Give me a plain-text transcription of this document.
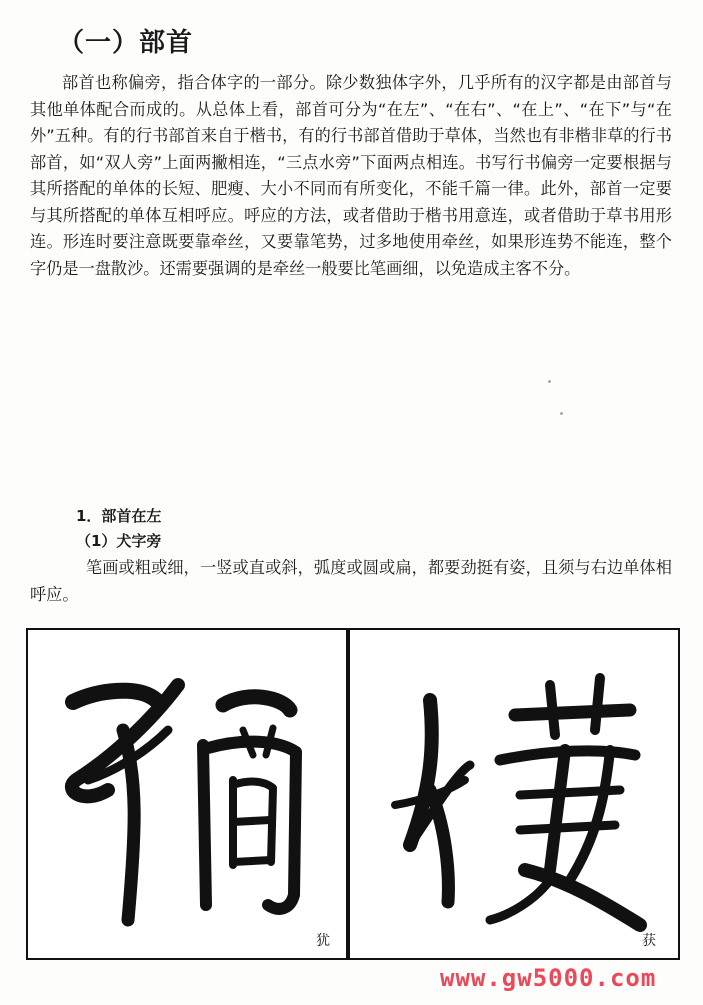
（一）部首
部首也称偏旁，指合体字的一部分。除少数独体字外，几乎所有的汉字都是由部首与其他单体配合而成的。从总体上看，部首可分为“在左”、“在右”、“在上”、“在下”与“在外”五种。有的行书部首来自于楷书，有的行书部首借助于草体，当然也有非楷非草的行书部首，如“双人旁”上面两撇相连，“三点水旁”下面两点相连。书写行书偏旁一定要根据与其所搭配的单体的长短、肥瘦、大小不同而有所变化，不能千篇一律。此外，部首一定要与其所搭配的单体互相呼应。呼应的方法，或者借助于楷书用意连，或者借助于草书用形连。形连时要注意既要靠牵丝，又要靠笔势，过多地使用牵丝，如果形连势不能连，整个字仍是一盘散沙。还需要强调的是牵丝一般要比笔画细，以免造成主客不分。
1．部首在左
（1）犬字旁
笔画或粗或细，一竖或直或斜，弧度或圆或扁，都要劲挺有姿，且须与右边单体相呼应。
犹	获
www.gw5000.com
